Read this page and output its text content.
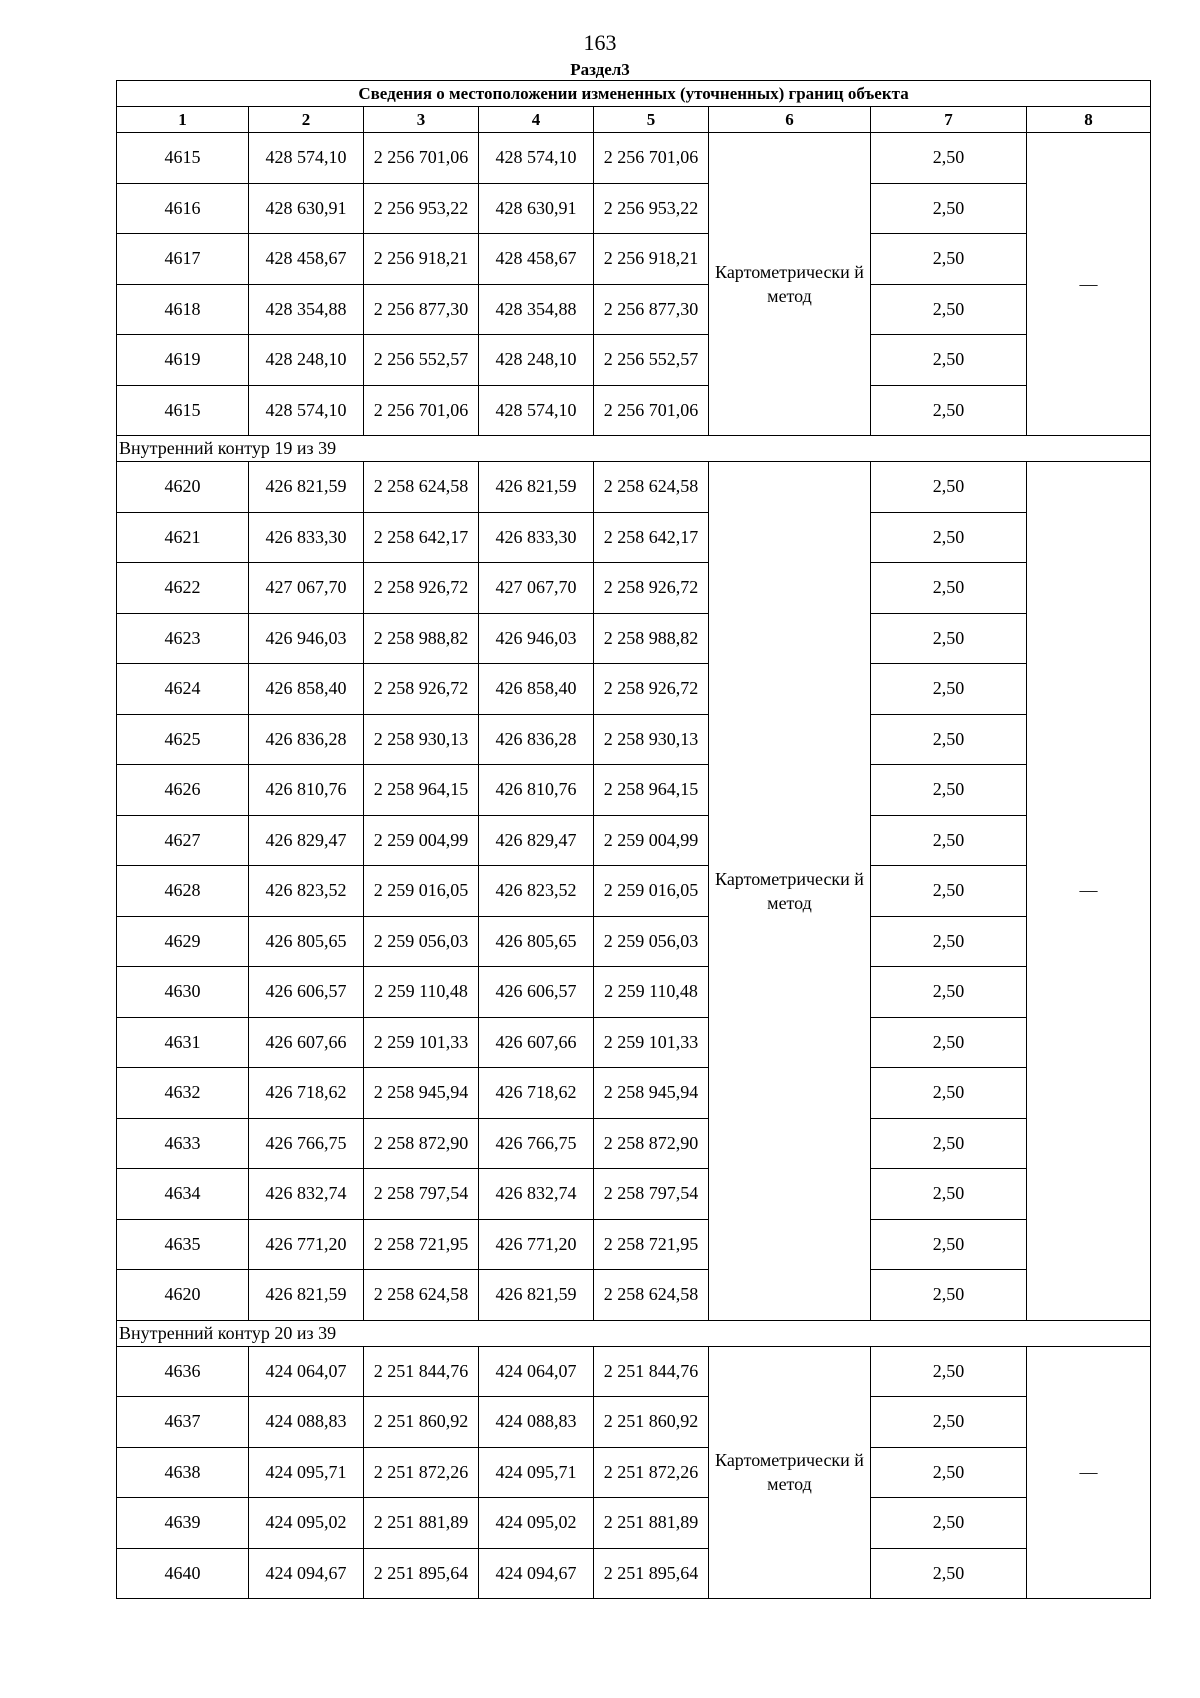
163
Раздел3
Сведения о местоположении измененных (уточненных) границ объекта							
1	2	3	4	5	6	7	8
4615	428 574,10	2 256 701,06	428 574,10	2 256 701,06	Картометрически й метод	2,50	—
4616	428 630,91	2 256 953,22	428 630,91	2 256 953,22		2,50	
4617	428 458,67	2 256 918,21	428 458,67	2 256 918,21		2,50	
4618	428 354,88	2 256 877,30	428 354,88	2 256 877,30		2,50	
4619	428 248,10	2 256 552,57	428 248,10	2 256 552,57		2,50	
4615	428 574,10	2 256 701,06	428 574,10	2 256 701,06		2,50	
Внутренний контур 19 из 39							
4620	426 821,59	2 258 624,58	426 821,59	2 258 624,58	Картометрически й метод	2,50	—
4621	426 833,30	2 258 642,17	426 833,30	2 258 642,17		2,50	
4622	427 067,70	2 258 926,72	427 067,70	2 258 926,72		2,50	
4623	426 946,03	2 258 988,82	426 946,03	2 258 988,82		2,50	
4624	426 858,40	2 258 926,72	426 858,40	2 258 926,72		2,50	
4625	426 836,28	2 258 930,13	426 836,28	2 258 930,13		2,50	
4626	426 810,76	2 258 964,15	426 810,76	2 258 964,15		2,50	
4627	426 829,47	2 259 004,99	426 829,47	2 259 004,99		2,50	
4628	426 823,52	2 259 016,05	426 823,52	2 259 016,05		2,50	
4629	426 805,65	2 259 056,03	426 805,65	2 259 056,03		2,50	
4630	426 606,57	2 259 110,48	426 606,57	2 259 110,48		2,50	
4631	426 607,66	2 259 101,33	426 607,66	2 259 101,33		2,50	
4632	426 718,62	2 258 945,94	426 718,62	2 258 945,94		2,50	
4633	426 766,75	2 258 872,90	426 766,75	2 258 872,90		2,50	
4634	426 832,74	2 258 797,54	426 832,74	2 258 797,54		2,50	
4635	426 771,20	2 258 721,95	426 771,20	2 258 721,95		2,50	
4620	426 821,59	2 258 624,58	426 821,59	2 258 624,58		2,50	
Внутренний контур 20 из 39							
4636	424 064,07	2 251 844,76	424 064,07	2 251 844,76	Картометрически й метод	2,50	—
4637	424 088,83	2 251 860,92	424 088,83	2 251 860,92		2,50	
4638	424 095,71	2 251 872,26	424 095,71	2 251 872,26		2,50	
4639	424 095,02	2 251 881,89	424 095,02	2 251 881,89		2,50	
4640	424 094,67	2 251 895,64	424 094,67	2 251 895,64		2,50	
